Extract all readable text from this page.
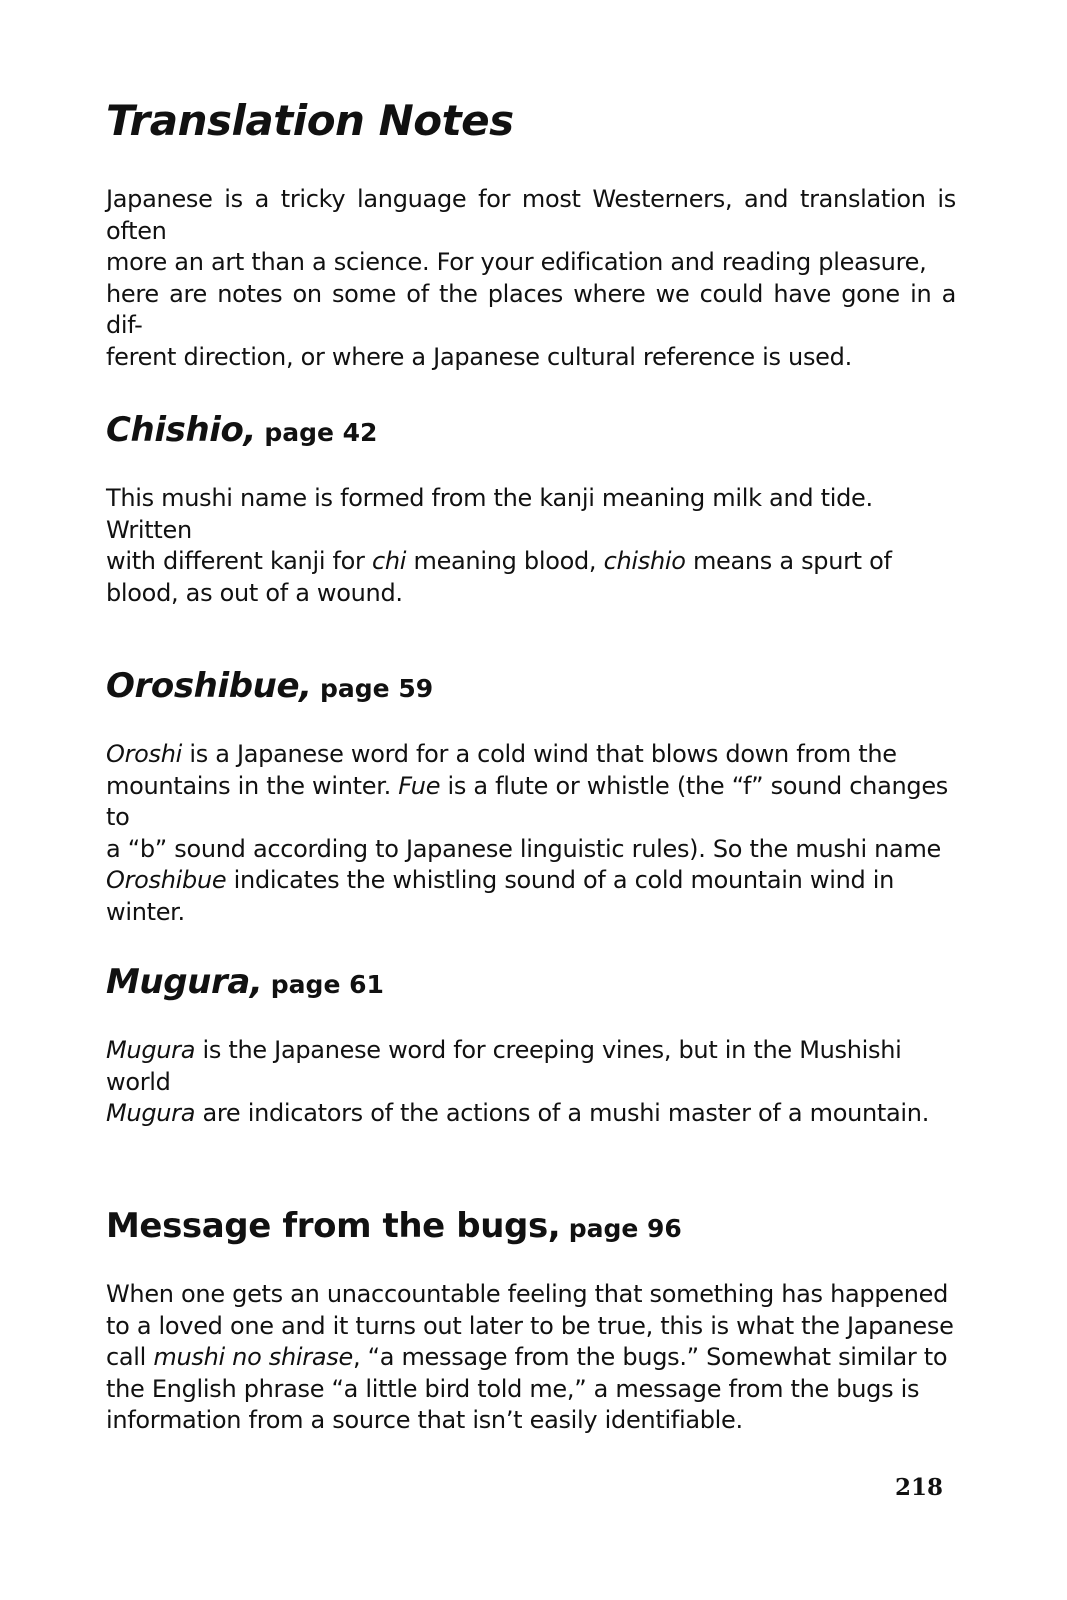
Translation Notes

Japanese is a tricky language for most Westerners, and translation is often
more an art than a science. For your edification and reading pleasure,
here are notes on some of the places where we could have gone in a dif-
ferent direction, or where a Japanese cultural reference is used.

Chishio, page 42

This mushi name is formed from the kanji meaning milk and tide. Written
with different kanji for chi meaning blood, chishio means a spurt of
blood, as out of a wound.

Oroshibue, page 59

Oroshi is a Japanese word for a cold wind that blows down from the
mountains in the winter. Fue is a flute or whistle (the “f” sound changes to
a “b” sound according to Japanese linguistic rules). So the mushi name
Oroshibue indicates the whistling sound of a cold mountain wind in winter.

Mugura, page 61

Mugura is the Japanese word for creeping vines, but in the Mushishi world
Mugura are indicators of the actions of a mushi master of a mountain.

Message from the bugs, page 96

When one gets an unaccountable feeling that something has happened
to a loved one and it turns out later to be true, this is what the Japanese
call mushi no shirase, “a message from the bugs.” Somewhat similar to
the English phrase “a little bird told me,” a message from the bugs is
information from a source that isn’t easily identifiable.

218
